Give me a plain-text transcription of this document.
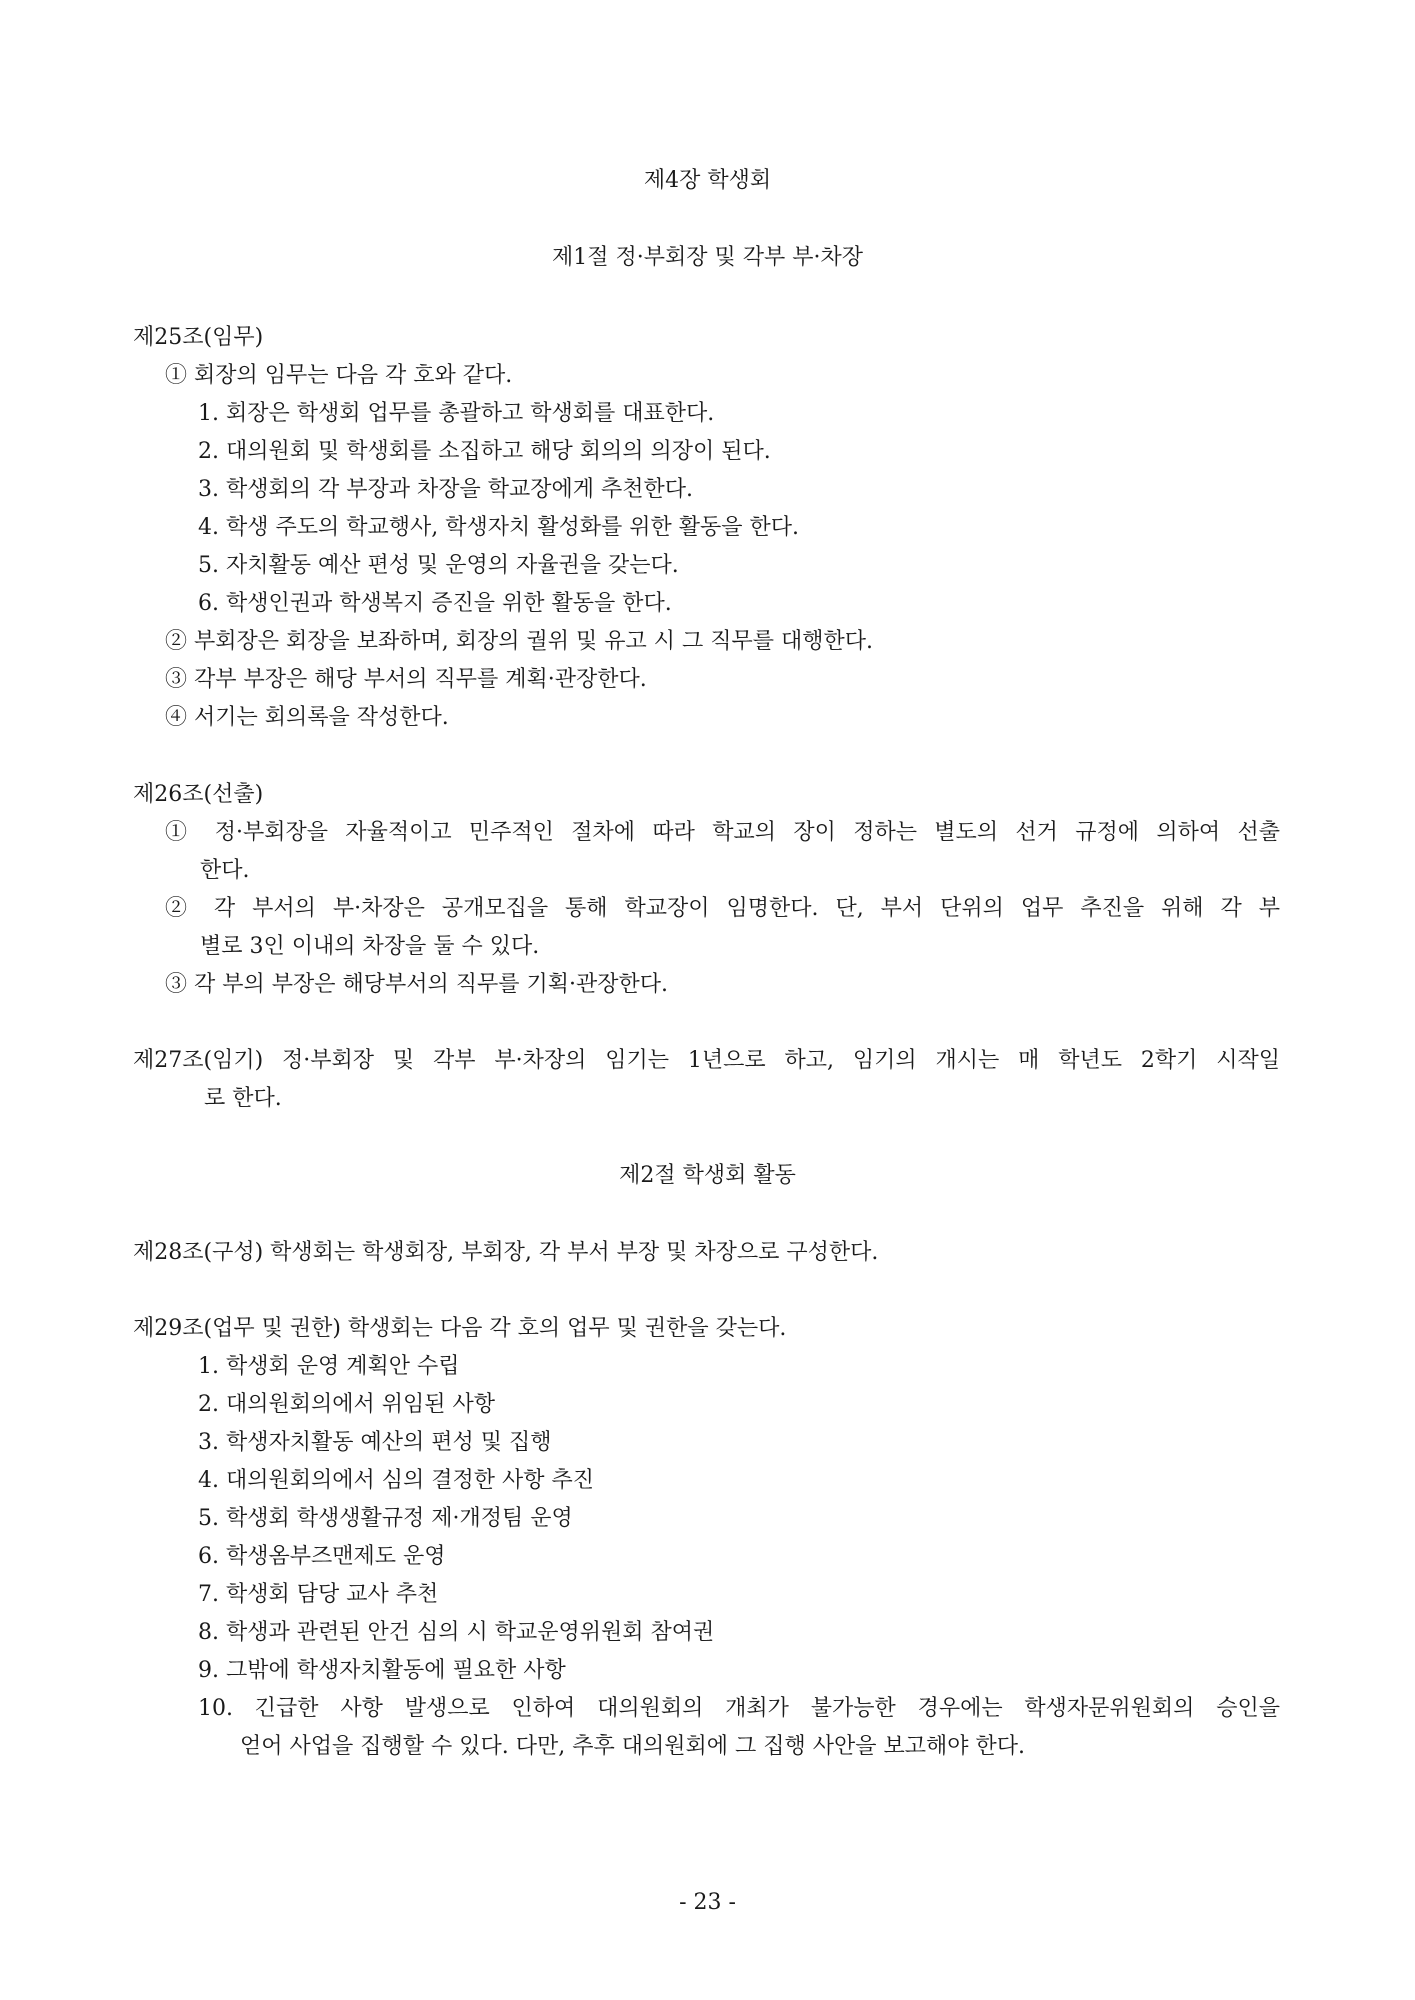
제4장 학생회
제1절 정·부회장 및 각부 부·차장
제25조(임무)
① 회장의 임무는 다음 각 호와 같다.
1. 회장은 학생회 업무를 총괄하고 학생회를 대표한다.
2. 대의원회 및 학생회를 소집하고 해당 회의의 의장이 된다.
3. 학생회의 각 부장과 차장을 학교장에게 추천한다.
4. 학생 주도의 학교행사, 학생자치 활성화를 위한 활동을 한다.
5. 자치활동 예산 편성 및 운영의 자율권을 갖는다.
6. 학생인권과 학생복지 증진을 위한 활동을 한다.
② 부회장은 회장을 보좌하며, 회장의 궐위 및 유고 시 그 직무를 대행한다.
③ 각부 부장은 해당 부서의 직무를 계획·관장한다.
④ 서기는 회의록을 작성한다.
제26조(선출)
① 정·부회장을 자율적이고 민주적인 절차에 따라 학교의 장이 정하는 별도의 선거 규정에 의하여 선출
한다.
② 각 부서의 부·차장은 공개모집을 통해 학교장이 임명한다. 단, 부서 단위의 업무 추진을 위해 각 부
별로 3인 이내의 차장을 둘 수 있다.
③ 각 부의 부장은 해당부서의 직무를 기획·관장한다.
제27조(임기) 정·부회장 및 각부 부·차장의 임기는 1년으로 하고, 임기의 개시는 매 학년도 2학기 시작일
로 한다.
제2절 학생회 활동
제28조(구성) 학생회는 학생회장, 부회장, 각 부서 부장 및 차장으로 구성한다.
제29조(업무 및 권한) 학생회는 다음 각 호의 업무 및 권한을 갖는다.
1. 학생회 운영 계획안 수립
2. 대의원회의에서 위임된 사항
3. 학생자치활동 예산의 편성 및 집행
4. 대의원회의에서 심의 결정한 사항 추진
5. 학생회 학생생활규정 제·개정팀 운영
6. 학생옴부즈맨제도 운영
7. 학생회 담당 교사 추천
8. 학생과 관련된 안건 심의 시 학교운영위원회 참여권
9. 그밖에 학생자치활동에 필요한 사항
10. 긴급한 사항 발생으로 인하여 대의원회의 개최가 불가능한 경우에는 학생자문위원회의 승인을
얻어 사업을 집행할 수 있다. 다만, 추후 대의원회에 그 집행 사안을 보고해야 한다.
- 23 -
